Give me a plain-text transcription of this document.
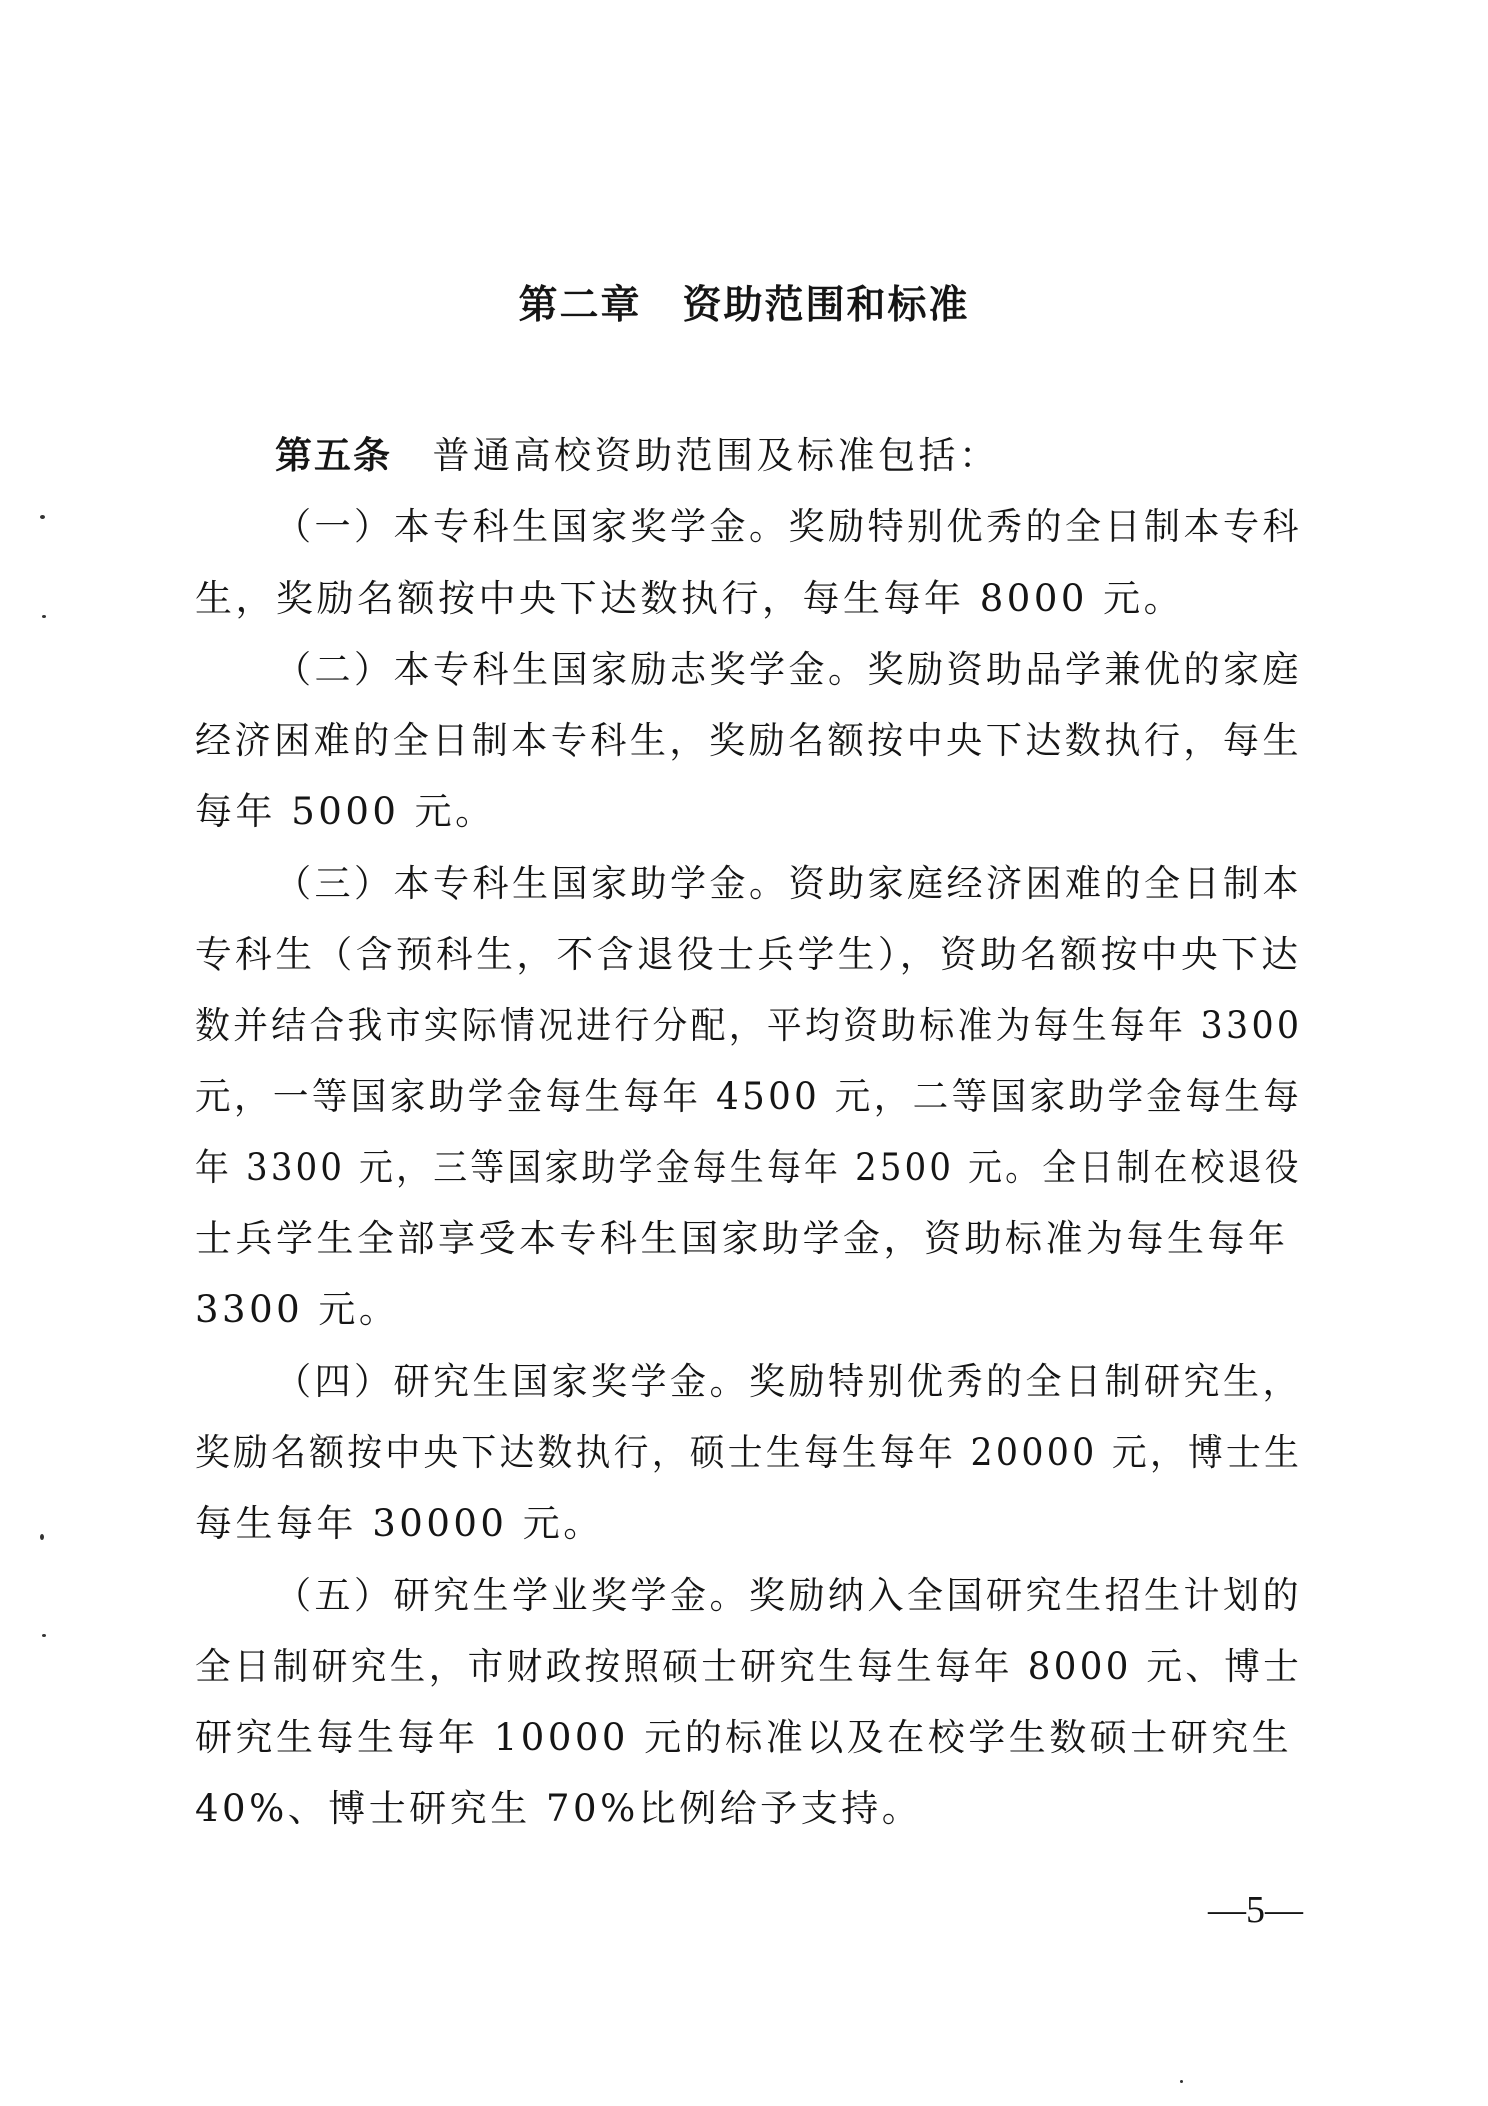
第二章　资助范围和标准
第五条　 普通高校资助范围及标准包括：
（一）本专科生国家奖学金。奖励特别优秀的全日制本专科
生，奖励名额按中央下达数执行，每生每年 8000 元。
（二）本专科生国家励志奖学金。奖励资助品学兼优的家庭
经济困难的全日制本专科生，奖励名额按中央下达数执行，每生
每年 5000 元。
（三）本专科生国家助学金。资助家庭经济困难的全日制本
专科生（含预科生，不含退役士兵学生），资助名额按中央下达
数并结合我市实际情况进行分配，平均资助标准为每生每年 3300
元，一等国家助学金每生每年 4500 元，二等国家助学金每生每
年 3300 元，三等国家助学金每生每年 2500 元。全日制在校退役
士兵学生全部享受本专科生国家助学金，资助标准为每生每年
3300 元。
（四）研究生国家奖学金。奖励特别优秀的全日制研究生，
奖励名额按中央下达数执行，硕士生每生每年 20000 元，博士生
每生每年 30000 元。
（五）研究生学业奖学金。奖励纳入全国研究生招生计划的
全日制研究生，市财政按照硕士研究生每生每年 8000 元、博士
研究生每生每年 10000 元的标准以及在校学生数硕士研究生
40%、博士研究生 70%比例给予支持。
—5—
